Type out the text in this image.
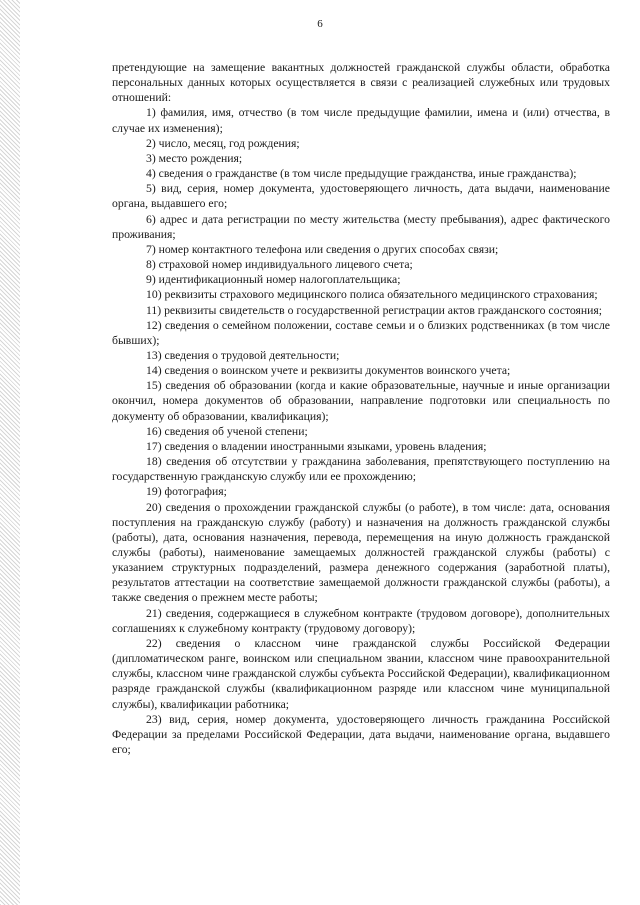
6

претендующие на замещение вакантных должностей гражданской службы области, обработка персональных данных которых осуществляется в связи с реализацией служебных или трудовых отношений:

1) фамилия, имя, отчество (в том числе предыдущие фамилии, имена и (или) отчества, в случае их изменения);

2) число, месяц, год рождения;

3) место рождения;

4) сведения о гражданстве (в том числе предыдущие гражданства, иные гражданства);

5) вид, серия, номер документа, удостоверяющего личность, дата выдачи, наименование органа, выдавшего его;

6) адрес и дата регистрации по месту жительства (месту пребывания), адрес фактического проживания;

7) номер контактного телефона или сведения о других способах связи;

8) страховой номер индивидуального лицевого счета;

9) идентификационный номер налогоплательщика;

10) реквизиты страхового медицинского полиса обязательного медицинского страхования;

11) реквизиты свидетельств о государственной регистрации актов гражданского состояния;

12) сведения о семейном положении, составе семьи и о близких родственниках (в том числе бывших);

13) сведения о трудовой деятельности;

14) сведения о воинском учете и реквизиты документов воинского учета;

15) сведения об образовании (когда и какие образовательные, научные и иные организации окончил, номера документов об образовании, направление подготовки или специальность по документу об образовании, квалификация);

16) сведения об ученой степени;

17) сведения о владении иностранными языками, уровень владения;

18) сведения об отсутствии у гражданина заболевания, препятствующего поступлению на государственную гражданскую службу или ее прохождению;

19) фотография;

20) сведения о прохождении гражданской службы (о работе), в том числе: дата, основания поступления на гражданскую службу (работу) и назначения на должность гражданской службы (работы), дата, основания назначения, перевода, перемещения на иную должность гражданской службы (работы), наименование замещаемых должностей гражданской службы (работы) с указанием структурных подразделений, размера денежного содержания (заработной платы), результатов аттестации на соответствие замещаемой должности гражданской службы (работы), а также сведения о прежнем месте работы;

21) сведения, содержащиеся в служебном контракте (трудовом договоре), дополнительных соглашениях к служебному контракту (трудовому договору);

22) сведения о классном чине гражданской службы Российской Федерации (дипломатическом ранге, воинском или специальном звании, классном чине правоохранительной службы, классном чине гражданской службы субъекта Российской Федерации), квалификационном разряде гражданской службы (квалификационном разряде или классном чине муниципальной службы), квалификации работника;

23) вид, серия, номер документа, удостоверяющего личность гражданина Российской Федерации за пределами Российской Федерации, дата выдачи, наименование органа, выдавшего его;
